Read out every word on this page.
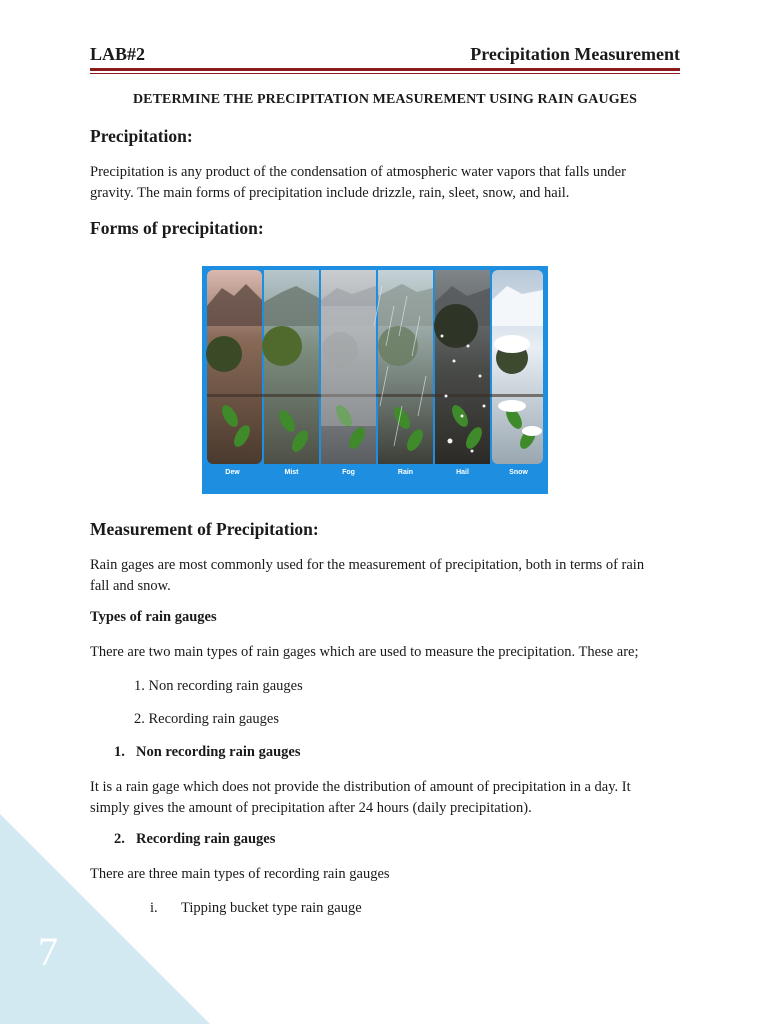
7
LAB#2	Precipitation Measurement
DETERMINE THE PRECIPITATION MEASUREMENT USING RAIN GAUGES
Precipitation:
Precipitation is any product of the condensation of atmospheric water vapors that falls under
gravity. The main forms of precipitation include drizzle, rain, sleet, snow, and hail.
Forms of precipitation:
Dew	Mist	Fog	Rain	Hail	Snow
Measurement of Precipitation:
Rain gages are most commonly used for the measurement of precipitation, both in terms of rain
fall and snow.
Types of rain gauges
There are two main types of rain gages which are used to measure the precipitation. These are;
1. Non recording rain gauges
2. Recording rain gauges
1. Non recording rain gauges
It is a rain gage which does not provide the distribution of amount of precipitation in a day. It
simply gives the amount of precipitation after 24 hours (daily precipitation).
2. Recording rain gauges
There are three main types of recording rain gauges
i.	Tipping bucket type rain gauge
